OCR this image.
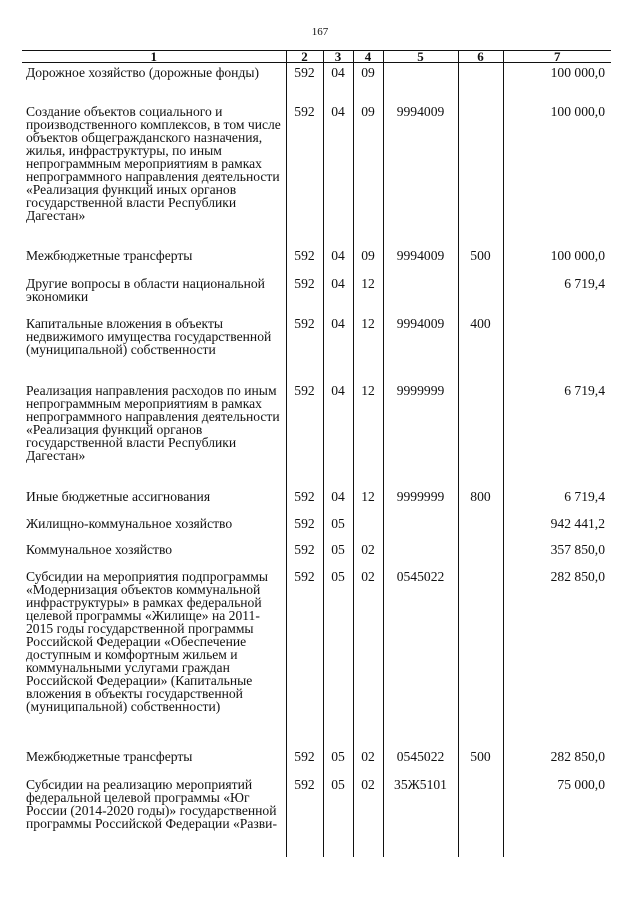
167
1	2	3	4	5	6	7
Дорожное хозяйство (дорожные фонды)	592	04	09			100 000,0
Создание объектов социального и производственного комплексов, в том числе объектов общегражданского назначения, жилья, инфраструктуры, по иным непрограммным мероприятиям в рамках непрограммного направления деятельности «Реализация функций иных органов государственной власти Республики Дагестан»	592	04	09	9994009		100 000,0
Межбюджетные трансферты	592	04	09	9994009	500	100 000,0
Другие вопросы в области национальной экономики	592	04	12			6 719,4
Капитальные вложения в объекты недвижимого имущества государственной (муниципальной) собственности	592	04	12	9994009	400	
Реализация направления расходов по иным непрограммным мероприятиям в рамках непрограммного направления деятельности «Реализация функций органов государственной власти Республики Дагестан»	592	04	12	9999999		6 719,4
Иные бюджетные ассигнования	592	04	12	9999999	800	6 719,4
Жилищно-коммунальное хозяйство	592	05				942 441,2
Коммунальное хозяйство	592	05	02			357 850,0
Субсидии на мероприятия подпрограммы «Модернизация объектов коммунальной инфраструктуры» в рамках федеральной целевой программы «Жилище» на 2011-2015 годы государственной программы Российской Федерации «Обеспечение доступным и комфортным жильем и коммунальными услугами граждан Российской Федерации» (Капитальные вложения в объекты государственной (муниципальной) собственности)	592	05	02	0545022		282 850,0
Межбюджетные трансферты	592	05	02	0545022	500	282 850,0
Субсидии на реализацию мероприятий федеральной целевой программы «Юг России (2014-2020 годы)» государственной программы Российской Федерации «Разви-	592	05	02	35Ж5101		75 000,0
